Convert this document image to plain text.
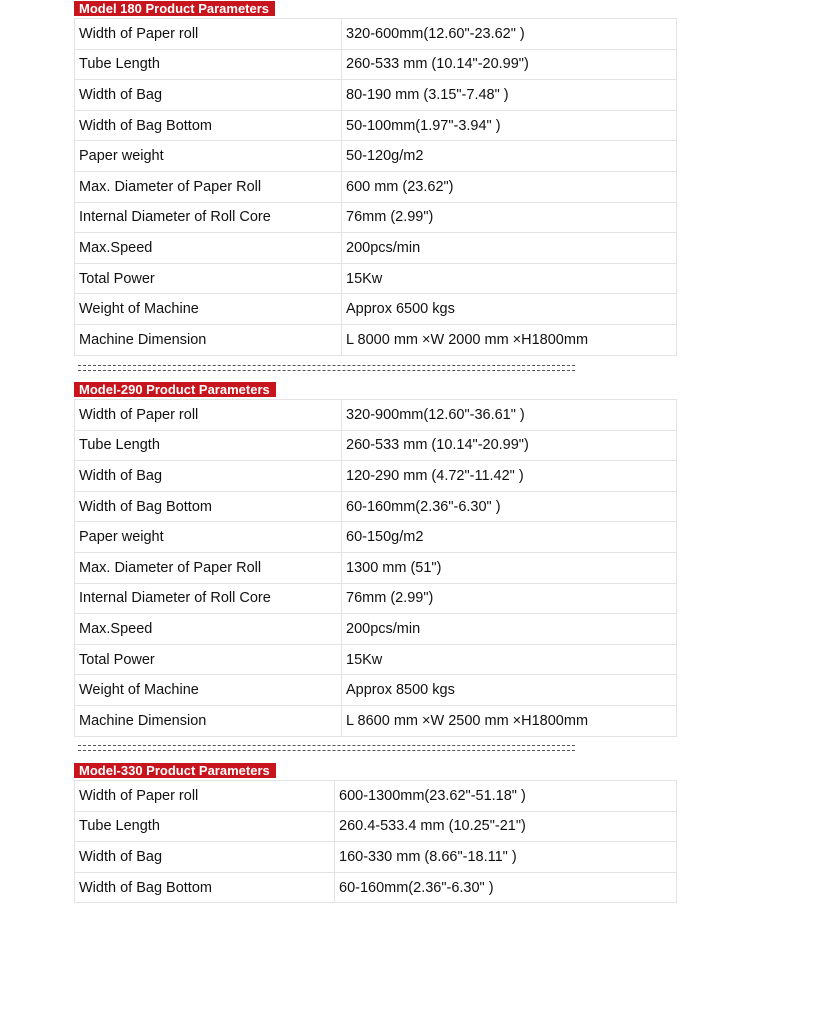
Model 180 Product Parameters
Width of Paper roll	320-600mm(12.60"-23.62" )
Tube Length	260-533 mm (10.14"-20.99")
Width of Bag	80-190 mm (3.15"-7.48" )
Width of Bag Bottom	50-100mm(1.97"-3.94" )
Paper weight	50-120g/m2
Max. Diameter of Paper Roll	600 mm (23.62")
Internal Diameter of Roll Core	76mm (2.99")
Max.Speed	200pcs/min
Total Power	15Kw
Weight of Machine	Approx 6500 kgs
Machine Dimension	L 8000 mm ×W 2000 mm ×H1800mm
Model-290 Product Parameters
Width of Paper roll	320-900mm(12.60"-36.61" )
Tube Length	260-533 mm (10.14"-20.99")
Width of Bag	120-290 mm (4.72"-11.42" )
Width of Bag Bottom	60-160mm(2.36"-6.30" )
Paper weight	60-150g/m2
Max. Diameter of Paper Roll	1300 mm (51")
Internal Diameter of Roll Core	76mm (2.99")
Max.Speed	200pcs/min
Total Power	15Kw
Weight of Machine	Approx 8500 kgs
Machine Dimension	L 8600 mm ×W 2500 mm ×H1800mm
Model-330 Product Parameters
Width of Paper roll	600-1300mm(23.62"-51.18" )
Tube Length	260.4-533.4 mm (10.25"-21")
Width of Bag	160-330 mm (8.66"-18.11" )
Width of Bag Bottom	60-160mm(2.36"-6.30" )
